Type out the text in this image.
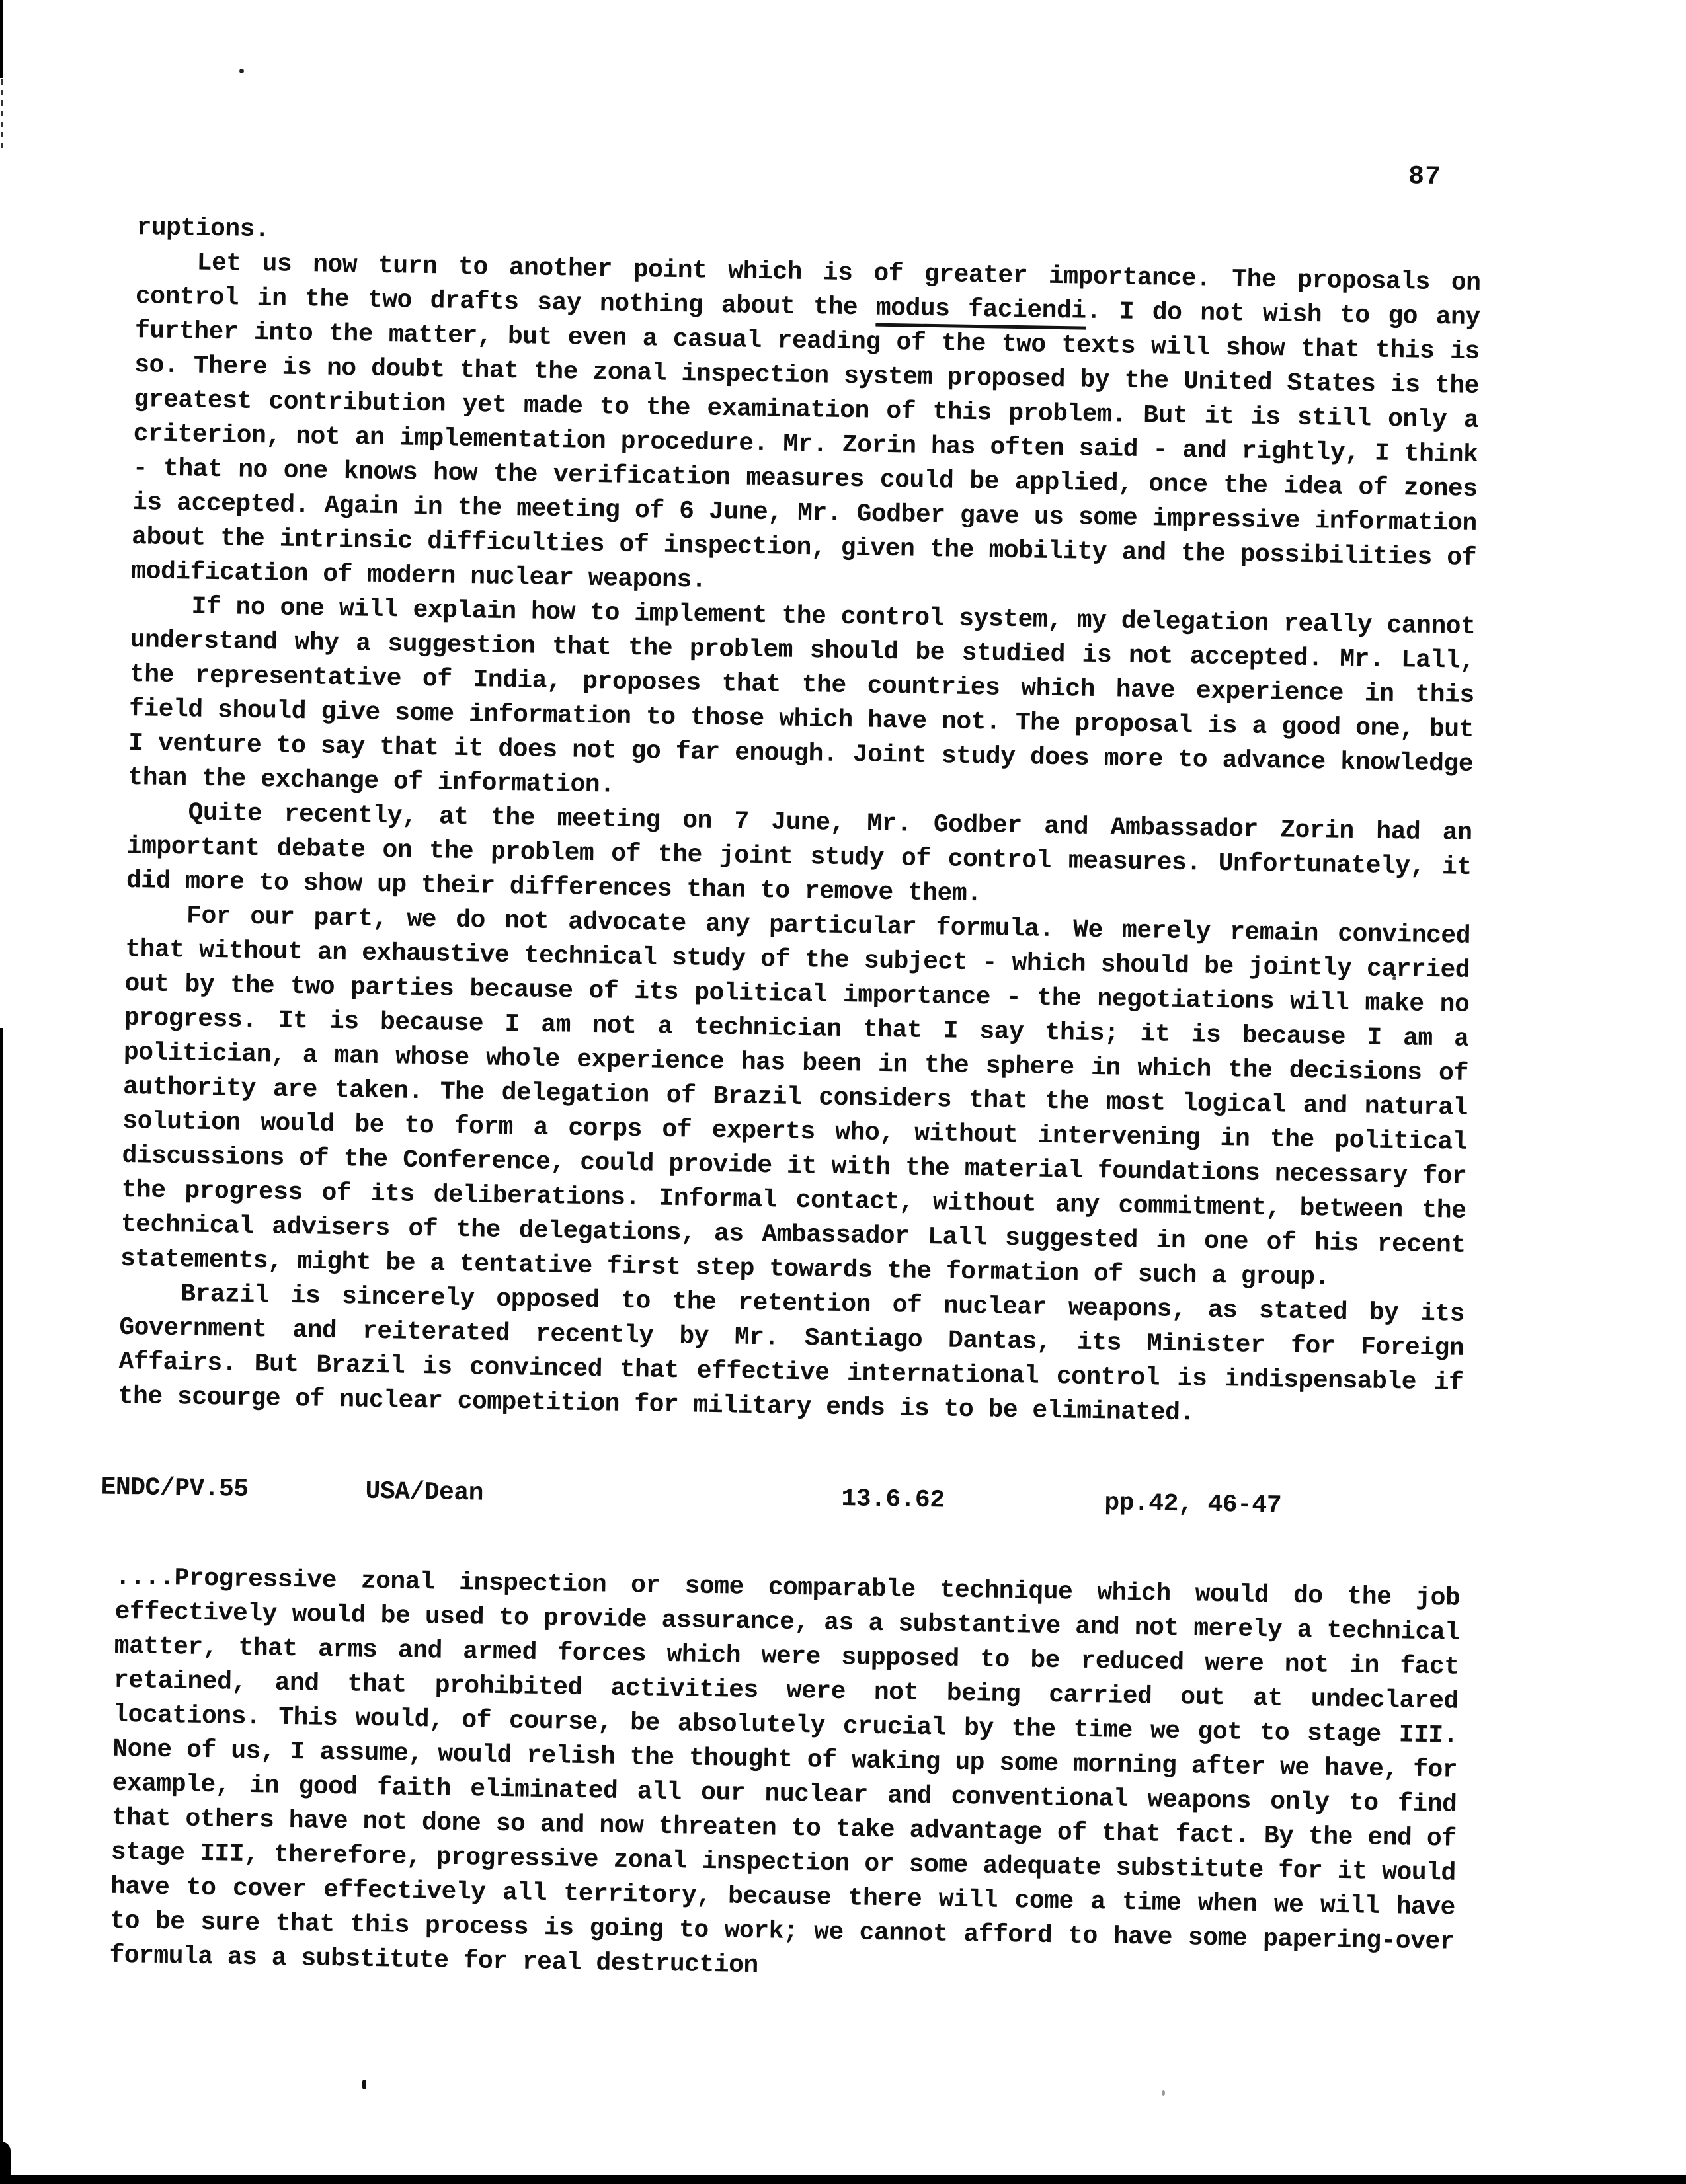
87

ruptions.

Let us now turn to another point which is of greater importance. The proposals on control in the two drafts say nothing about the modus faciendi. I do not wish to go any further into the matter, but even a casual reading of the two texts will show that this is so. There is no doubt that the zonal inspection system proposed by the United States is the greatest contribution yet made to the examination of this problem. But it is still only a criterion, not an implementation procedure. Mr. Zorin has often said - and rightly, I think - that no one knows how the verification measures could be applied, once the idea of zones is accepted. Again in the meeting of 6 June, Mr. Godber gave us some impressive information about the intrinsic difficulties of inspection, given the mobility and the possibilities of modification of modern nuclear weapons.

If no one will explain how to implement the control system, my delegation really cannot understand why a suggestion that the problem should be studied is not accepted. Mr. Lall, the representative of India, proposes that the countries which have experience in this field should give some information to those which have not. The proposal is a good one, but I venture to say that it does not go far enough. Joint study does more to advance knowledge than the exchange of information.

Quite recently, at the meeting on 7 June, Mr. Godber and Ambassador Zorin had an important debate on the problem of the joint study of control measures. Unfortunately, it did more to show up their differences than to remove them.

For our part, we do not advocate any particular formula. We merely remain convinced that without an exhaustive technical study of the subject - which should be jointly carried out by the two parties because of its political importance - the negotiations will make no progress. It is because I am not a technician that I say this; it is because I am a politician, a man whose whole experience has been in the sphere in which the decisions of authority are taken. The delegation of Brazil considers that the most logical and natural solution would be to form a corps of experts who, without intervening in the political discussions of the Conference, could provide it with the material foundations necessary for the progress of its deliberations. Informal contact, without any commitment, between the technical advisers of the delegations, as Ambassador Lall suggested in one of his recent statements, might be a tentative first step towards the formation of such a group.

Brazil is sincerely opposed to the retention of nuclear weapons, as stated by its Government and reiterated recently by Mr. Santiago Dantas, its Minister for Foreign Affairs. But Brazil is convinced that effective international control is indispensable if the scourge of nuclear competition for military ends is to be eliminated.

ENDC/PV.55	USA/Dean	13.6.62	pp.42, 46-47

....Progressive zonal inspection or some comparable technique which would do the job effectively would be used to provide assurance, as a substantive and not merely a technical matter, that arms and armed forces which were supposed to be reduced were not in fact retained, and that prohibited activities were not being carried out at undeclared locations. This would, of course, be absolutely crucial by the time we got to stage III. None of us, I assume, would relish the thought of waking up some morning after we have, for example, in good faith eliminated all our nuclear and conventional weapons only to find that others have not done so and now threaten to take advantage of that fact. By the end of stage III, therefore, progressive zonal inspection or some adequate substitute for it would have to cover effectively all territory, because there will come a time when we will have to be sure that this process is going to work; we cannot afford to have some papering-over formula as a substitute for real destruction
